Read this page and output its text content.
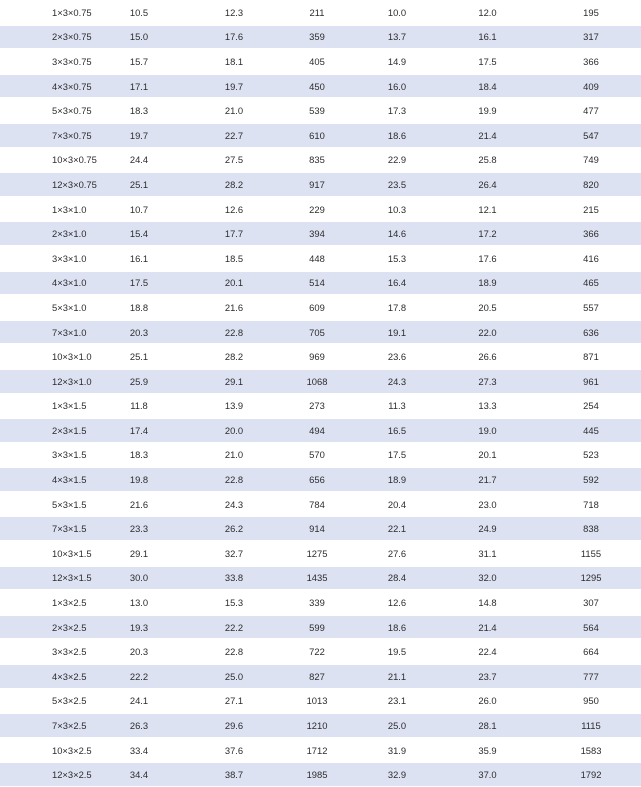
1×3×0.75	10.5	12.3	211	10.0	12.0	195
2×3×0.75	15.0	17.6	359	13.7	16.1	317
3×3×0.75	15.7	18.1	405	14.9	17.5	366
4×3×0.75	17.1	19.7	450	16.0	18.4	409
5×3×0.75	18.3	21.0	539	17.3	19.9	477
7×3×0.75	19.7	22.7	610	18.6	21.4	547
10×3×0.75	24.4	27.5	835	22.9	25.8	749
12×3×0.75	25.1	28.2	917	23.5	26.4	820
1×3×1.0	10.7	12.6	229	10.3	12.1	215
2×3×1.0	15.4	17.7	394	14.6	17.2	366
3×3×1.0	16.1	18.5	448	15.3	17.6	416
4×3×1.0	17.5	20.1	514	16.4	18.9	465
5×3×1.0	18.8	21.6	609	17.8	20.5	557
7×3×1.0	20.3	22.8	705	19.1	22.0	636
10×3×1.0	25.1	28.2	969	23.6	26.6	871
12×3×1.0	25.9	29.1	1068	24.3	27.3	961
1×3×1.5	11.8	13.9	273	11.3	13.3	254
2×3×1.5	17.4	20.0	494	16.5	19.0	445
3×3×1.5	18.3	21.0	570	17.5	20.1	523
4×3×1.5	19.8	22.8	656	18.9	21.7	592
5×3×1.5	21.6	24.3	784	20.4	23.0	718
7×3×1.5	23.3	26.2	914	22.1	24.9	838
10×3×1.5	29.1	32.7	1275	27.6	31.1	1155
12×3×1.5	30.0	33.8	1435	28.4	32.0	1295
1×3×2.5	13.0	15.3	339	12.6	14.8	307
2×3×2.5	19.3	22.2	599	18.6	21.4	564
3×3×2.5	20.3	22.8	722	19.5	22.4	664
4×3×2.5	22.2	25.0	827	21.1	23.7	777
5×3×2.5	24.1	27.1	1013	23.1	26.0	950
7×3×2.5	26.3	29.6	1210	25.0	28.1	1115
10×3×2.5	33.4	37.6	1712	31.9	35.9	1583
12×3×2.5	34.4	38.7	1985	32.9	37.0	1792
